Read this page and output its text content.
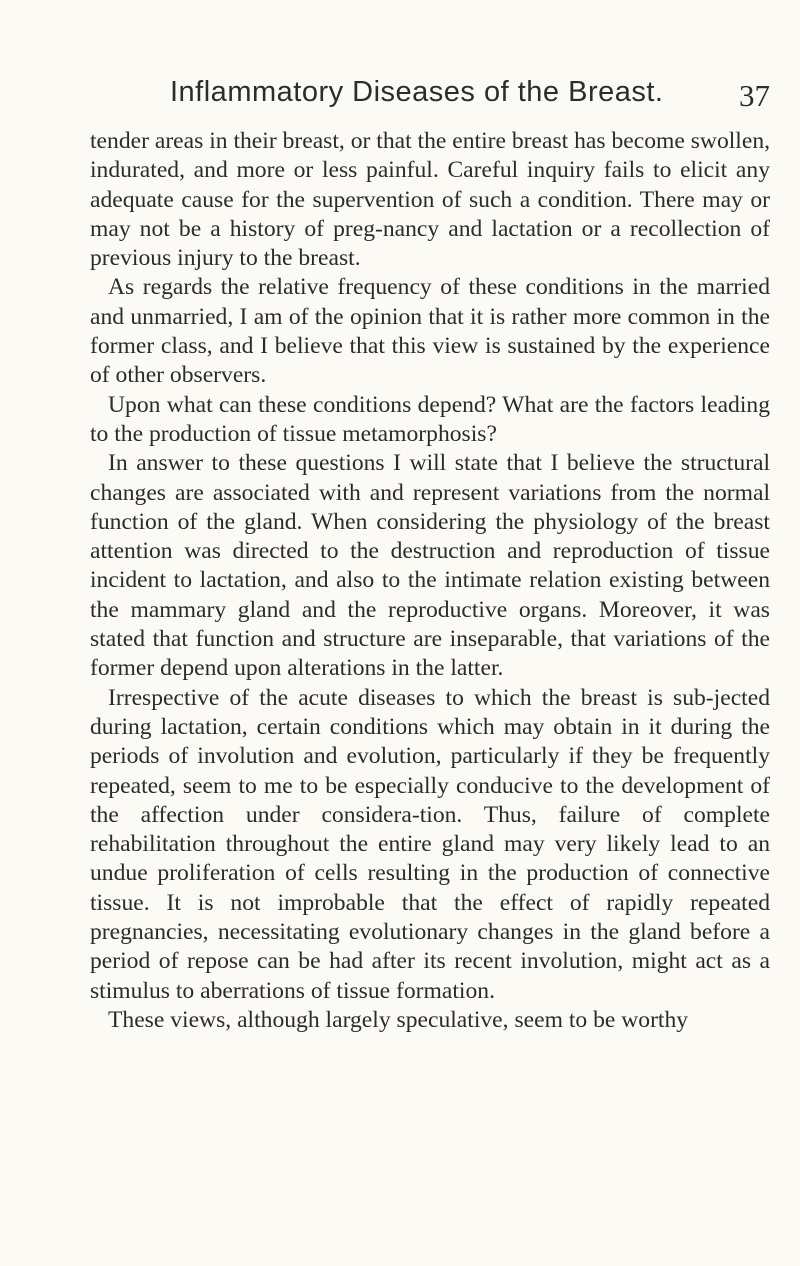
Inflammatory Diseases of the Breast. 37

tender areas in their breast, or that the entire breast has become swollen, indurated, and more or less painful. Careful inquiry fails to elicit any adequate cause for the supervention of such a condition. There may or may not be a history of preg-nancy and lactation or a recollection of previous injury to the breast.

As regards the relative frequency of these conditions in the married and unmarried, I am of the opinion that it is rather more common in the former class, and I believe that this view is sustained by the experience of other observers.

Upon what can these conditions depend? What are the factors leading to the production of tissue metamorphosis?

In answer to these questions I will state that I believe the structural changes are associated with and represent variations from the normal function of the gland. When considering the physiology of the breast attention was directed to the destruction and reproduction of tissue incident to lactation, and also to the intimate relation existing between the mammary gland and the reproductive organs. Moreover, it was stated that function and structure are inseparable, that variations of the former depend upon alterations in the latter.

Irrespective of the acute diseases to which the breast is sub-jected during lactation, certain conditions which may obtain in it during the periods of involution and evolution, particularly if they be frequently repeated, seem to me to be especially conducive to the development of the affection under considera-tion. Thus, failure of complete rehabilitation throughout the entire gland may very likely lead to an undue proliferation of cells resulting in the production of connective tissue. It is not improbable that the effect of rapidly repeated pregnancies, necessitating evolutionary changes in the gland before a period of repose can be had after its recent involution, might act as a stimulus to aberrations of tissue formation.

These views, although largely speculative, seem to be worthy
